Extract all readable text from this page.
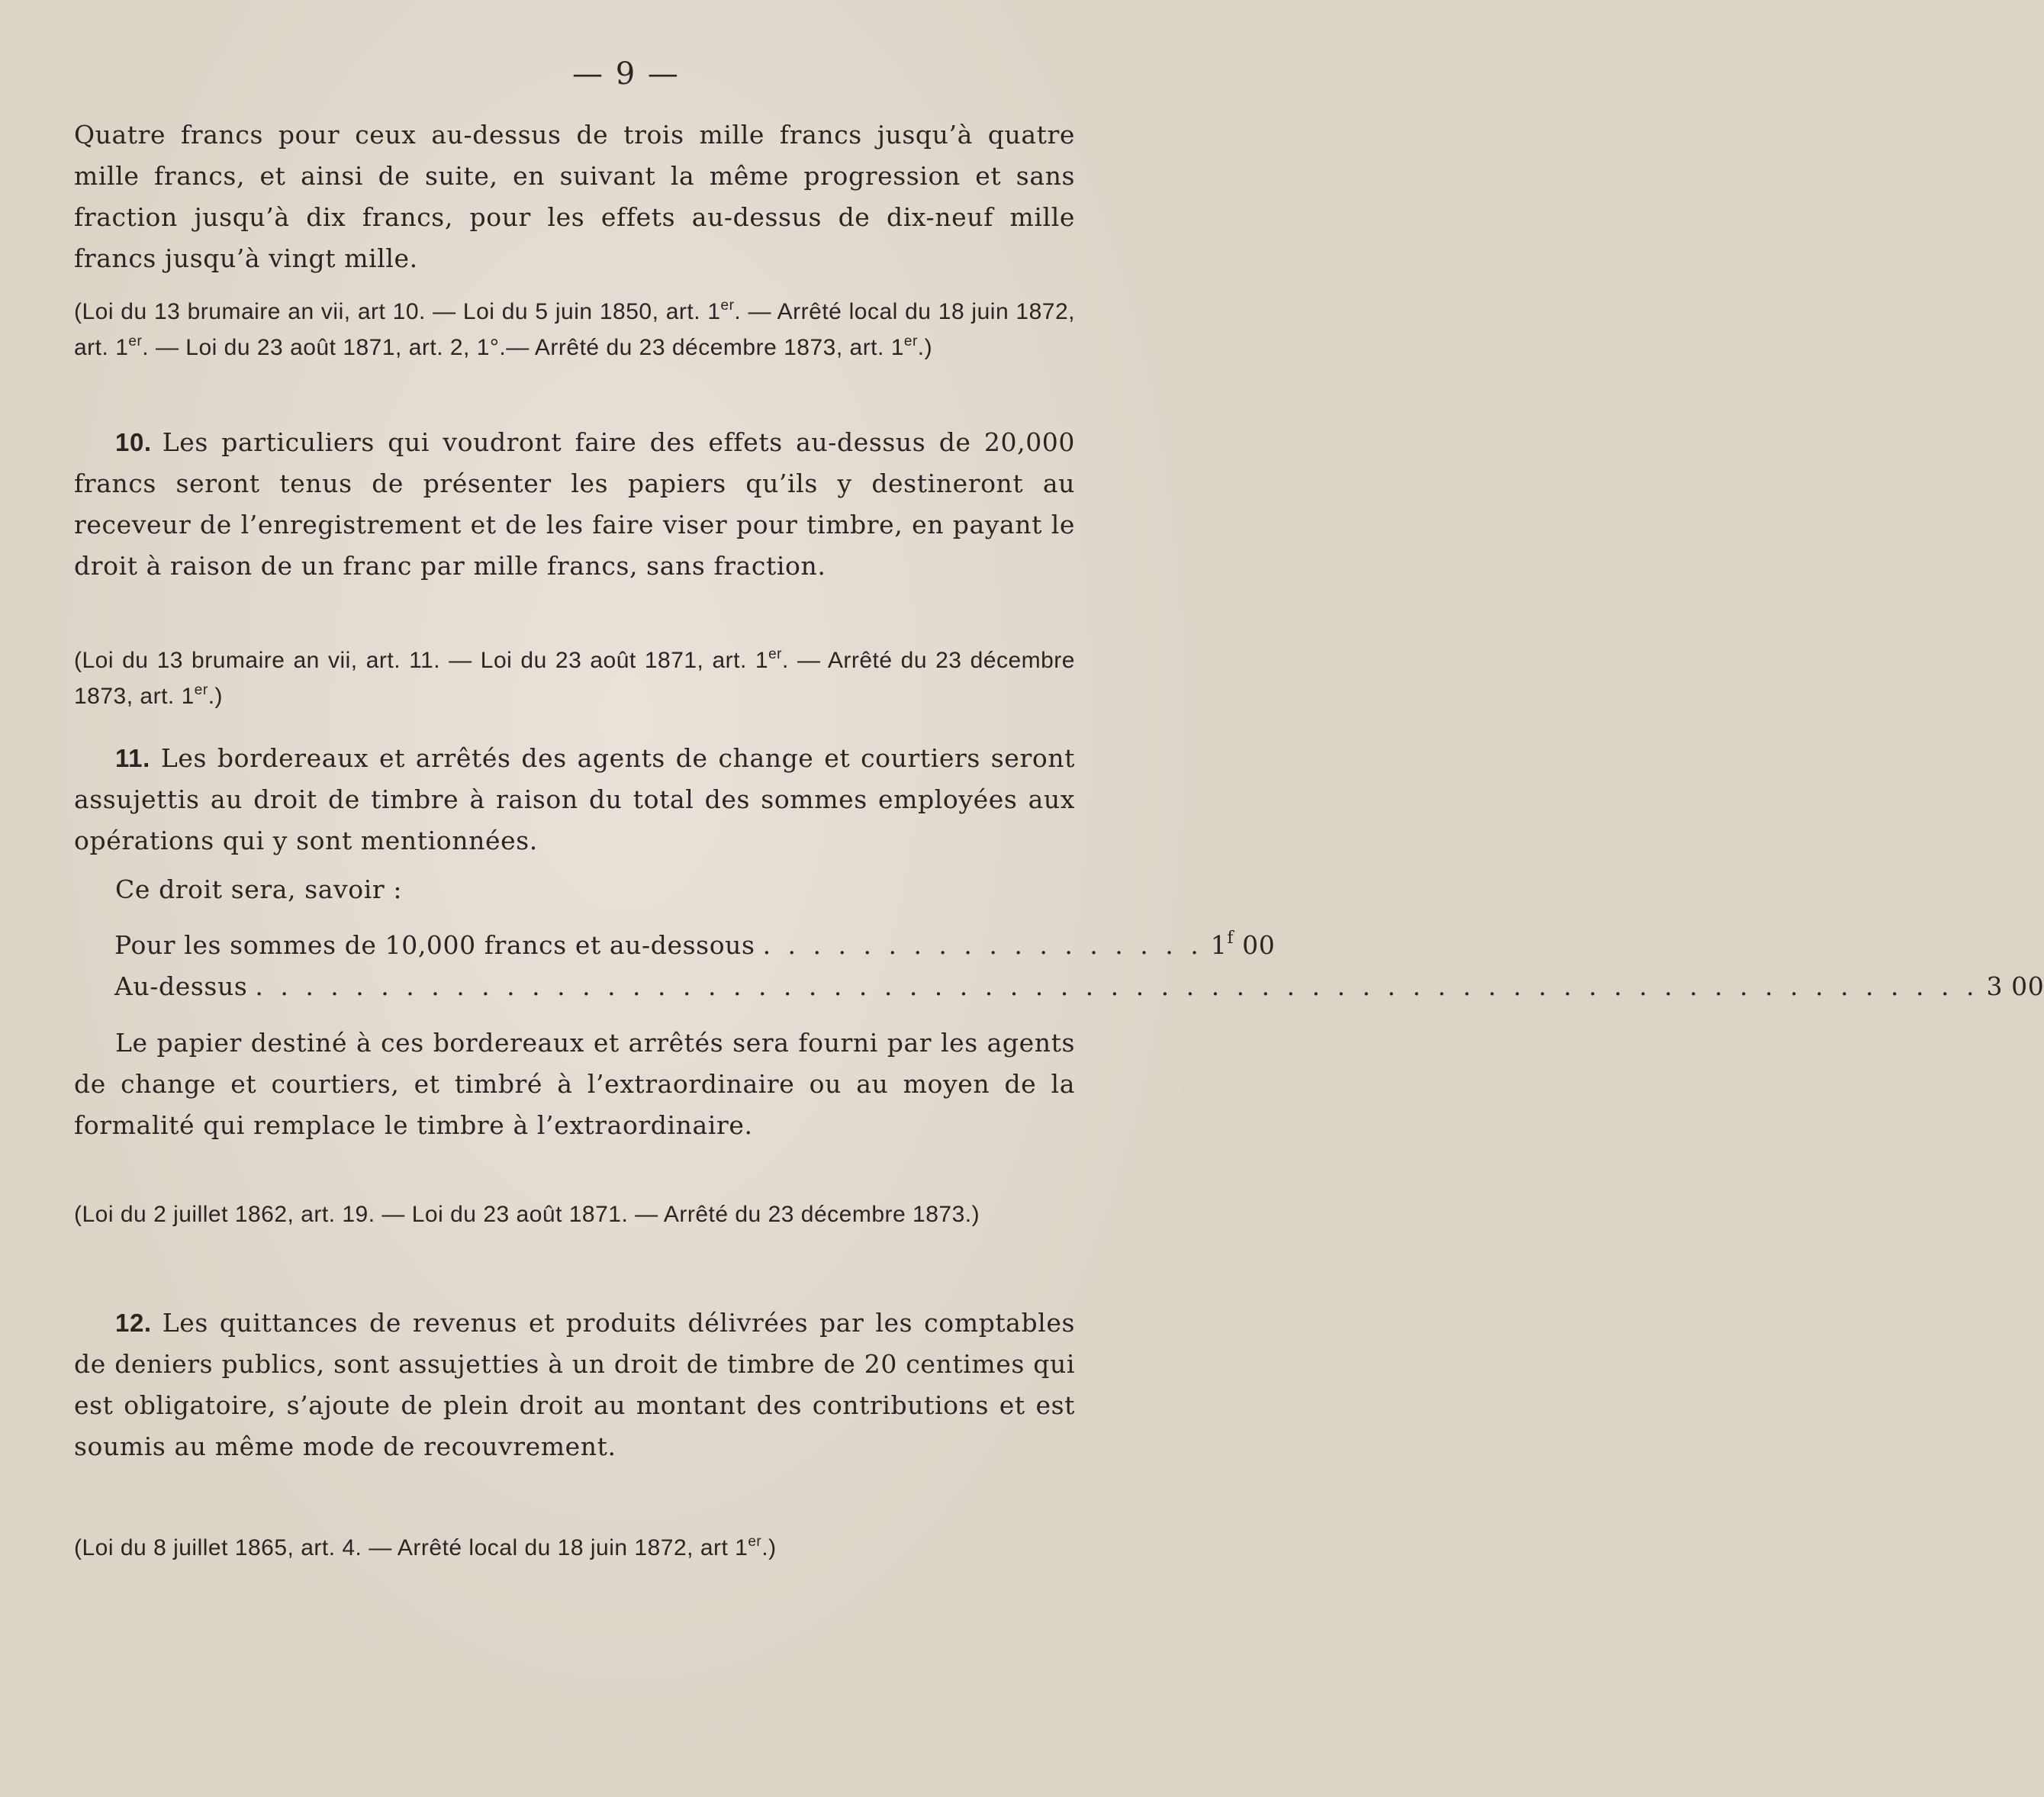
— 9 —

Quatre francs pour ceux au-dessus de trois mille francs jusqu’à quatre mille francs, et ainsi de suite, en suivant la même progression et sans fraction jusqu’à dix francs, pour les effets au-dessus de dix-neuf mille francs jusqu’à vingt mille.

(Loi du 13 brumaire an vii, art 10. — Loi du 5 juin 1850, art. 1er. — Arrêté local du 18 juin 1872, art. 1er. — Loi du 23 août 1871, art. 2, 1°.— Arrêté du 23 décembre 1873, art. 1er.)

10. Les particuliers qui voudront faire des effets au-dessus de 20,000 francs seront tenus de présenter les papiers qu’ils y destineront au receveur de l’enregistrement et de les faire viser pour timbre, en payant le droit à raison de un franc par mille francs, sans fraction.

(Loi du 13 brumaire an vii, art. 11. — Loi du 23 août 1871, art. 1er. — Arrêté du 23 décembre 1873, art. 1er.)

11. Les bordereaux et arrêtés des agents de change et courtiers seront assujettis au droit de timbre à raison du total des sommes employées aux opérations qui y sont mentionnées.

Ce droit sera, savoir :

Pour les sommes de 10,000 francs et au-dessous . . . . . . . . . . . . . . . . . . 1$^f$ 00
Au-dessus . . . . . . . . . . . . . . . . . . . . . . . . . . . . . . . . . . . . . . . . . . . . . . . . . . . . . . . . . . . . . . . . . . . . . 3 00

Le papier destiné à ces bordereaux et arrêtés sera fourni par les agents de change et courtiers, et timbré à l’extraordinaire ou au moyen de la formalité qui remplace le timbre à l’extraordinaire.

(Loi du 2 juillet 1862, art. 19. — Loi du 23 août 1871. — Arrêté du 23 décembre 1873.)

12. Les quittances de revenus et produits délivrées par les comptables de deniers publics, sont assujetties à un droit de timbre de 20 centimes qui est obligatoire, s’ajoute de plein droit au montant des contributions et est soumis au même mode de recouvrement.

(Loi du 8 juillet 1865, art. 4. — Arrêté local du 18 juin 1872, art 1er.)
